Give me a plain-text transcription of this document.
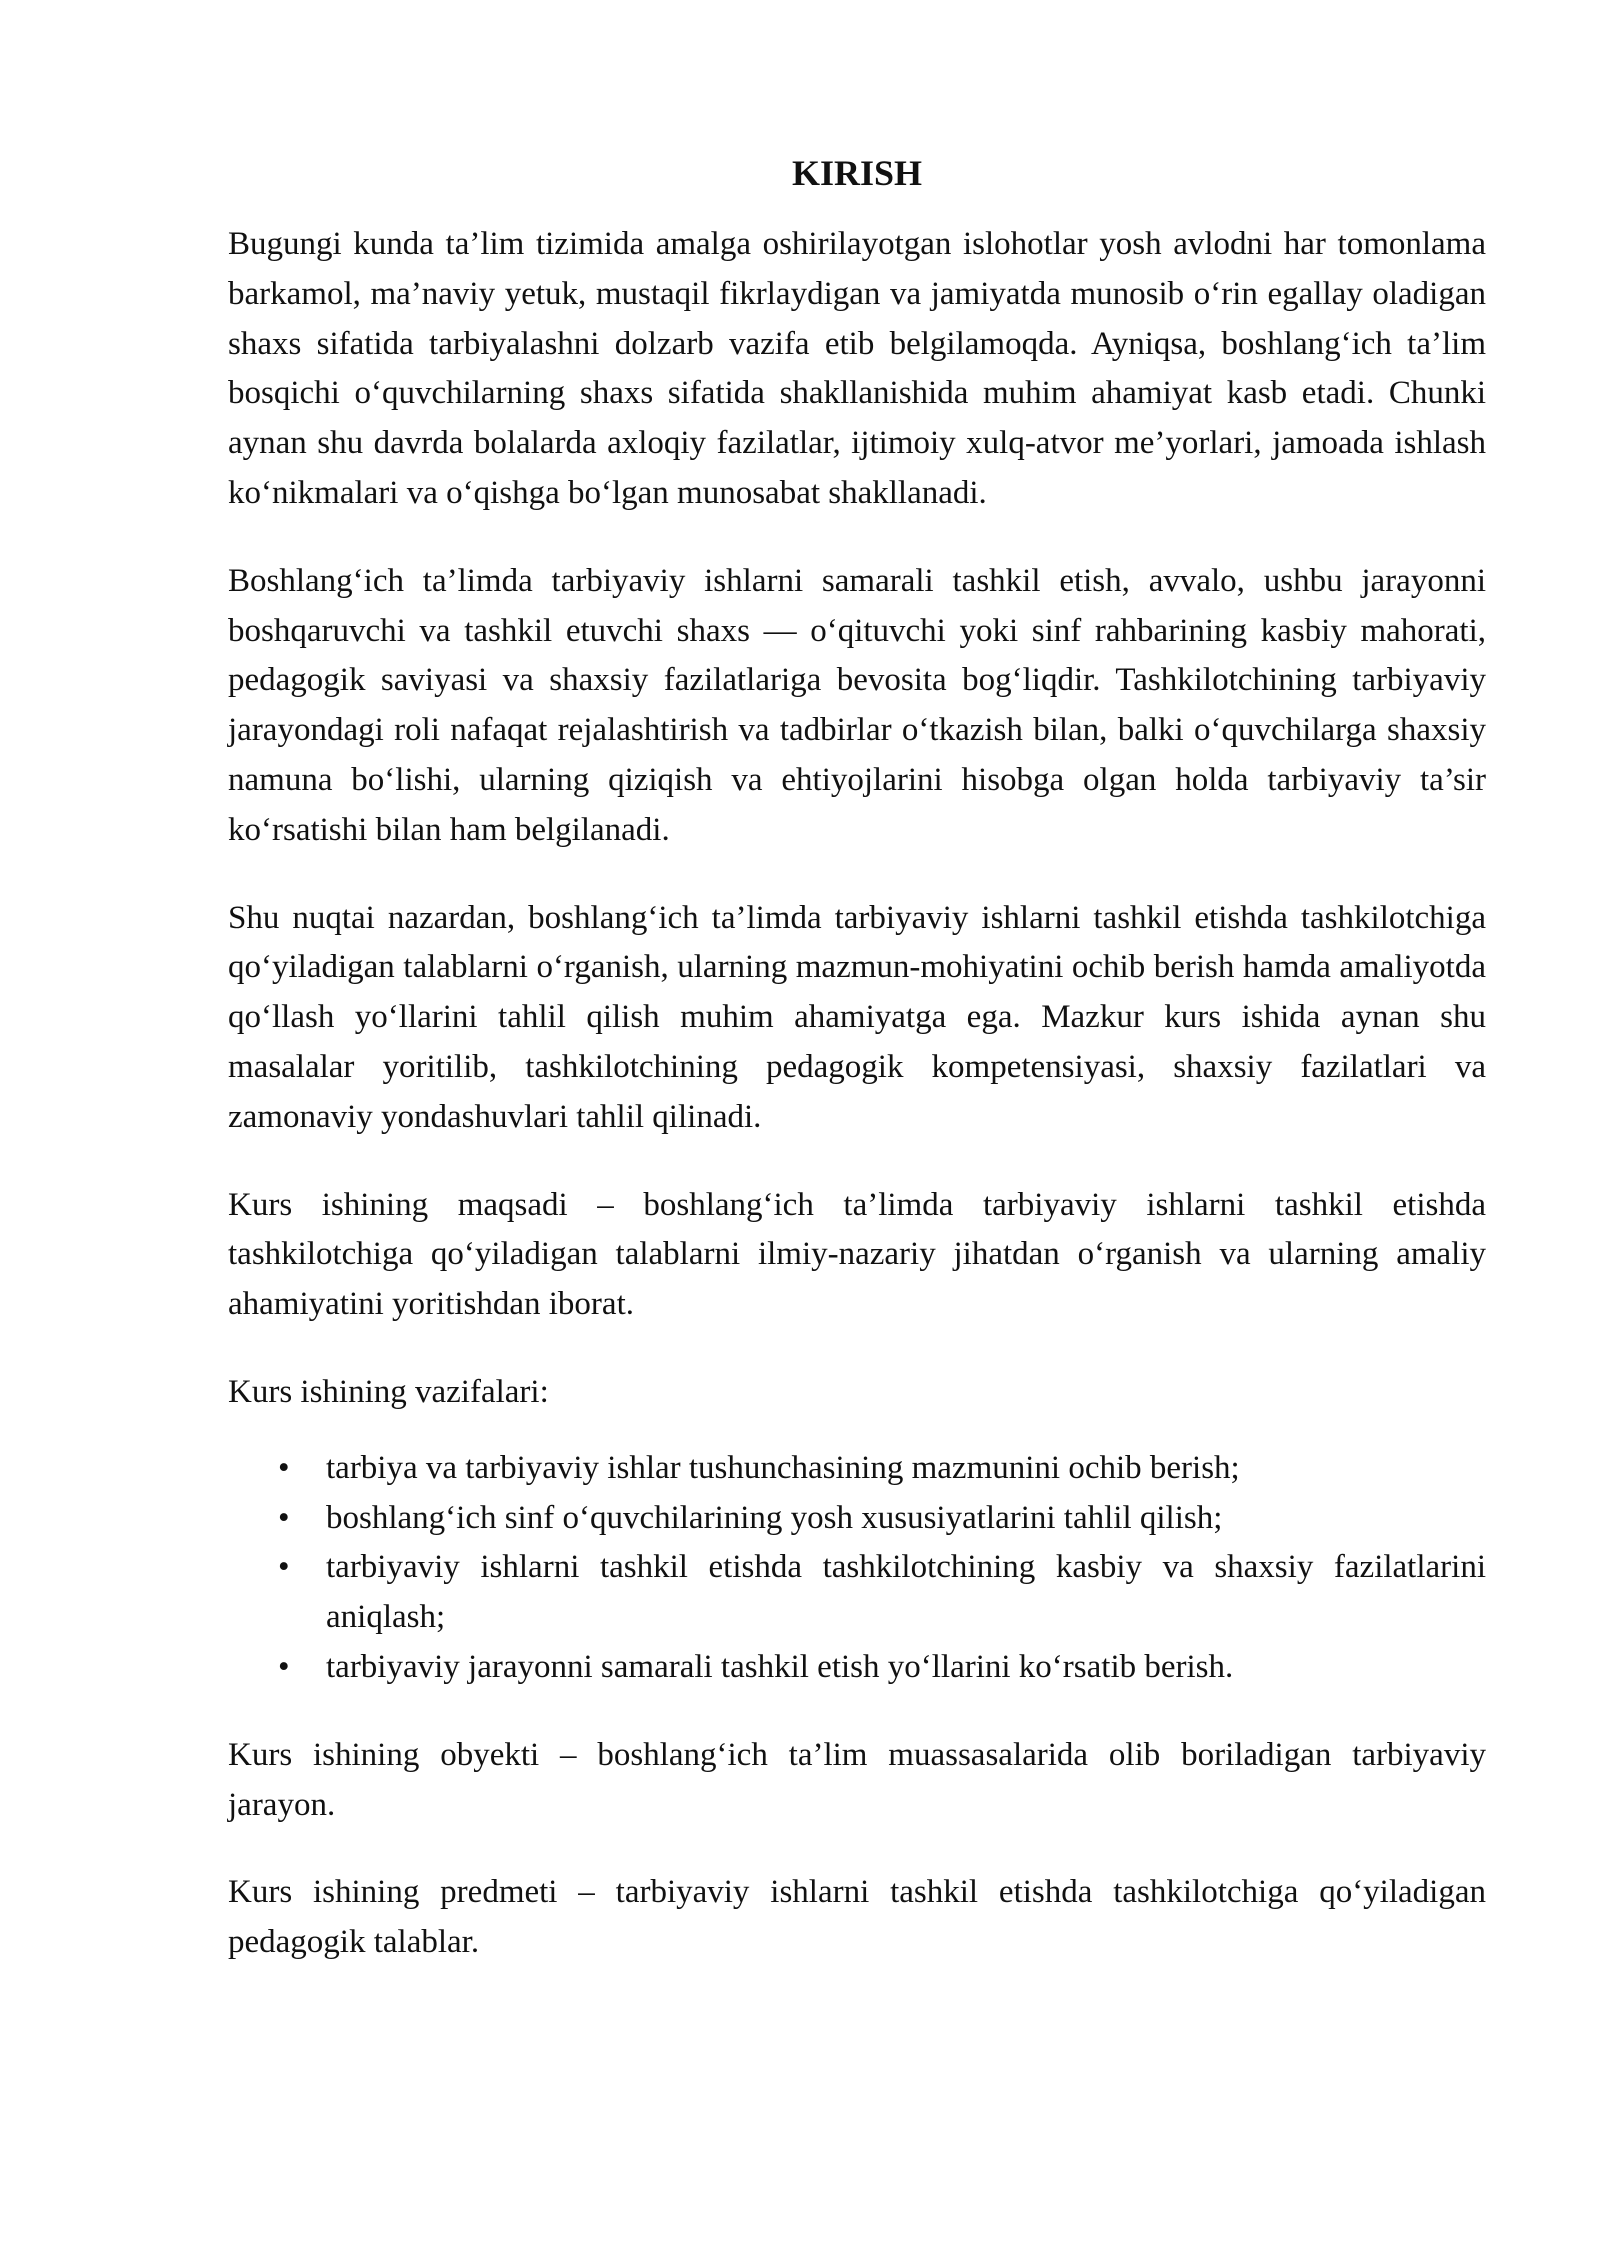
KIRISH

Bugungi kunda ta’lim tizimida amalga oshirilayotgan islohotlar yosh avlodni har tomonlama barkamol, ma’naviy yetuk, mustaqil fikrlaydigan va jamiyatda munosib o‘rin egallay oladigan shaxs sifatida tarbiyalashni dolzarb vazifa etib belgilamoqda. Ayniqsa, boshlang‘ich ta’lim bosqichi o‘quvchilarning shaxs sifatida shakllanishida muhim ahamiyat kasb etadi. Chunki aynan shu davrda bolalarda axloqiy fazilatlar, ijtimoiy xulq-atvor me’yorlari, jamoada ishlash ko‘nikmalari va o‘qishga bo‘lgan munosabat shakllanadi.

Boshlang‘ich ta’limda tarbiyaviy ishlarni samarali tashkil etish, avvalo, ushbu jarayonni boshqaruvchi va tashkil etuvchi shaxs — o‘qituvchi yoki sinf rahbarining kasbiy mahorati, pedagogik saviyasi va shaxsiy fazilatlariga bevosita bog‘liqdir. Tashkilotchining tarbiyaviy jarayondagi roli nafaqat rejalashtirish va tadbirlar o‘tkazish bilan, balki o‘quvchilarga shaxsiy namuna bo‘lishi, ularning qiziqish va ehtiyojlarini hisobga olgan holda tarbiyaviy ta’sir ko‘rsatishi bilan ham belgilanadi.

Shu nuqtai nazardan, boshlang‘ich ta’limda tarbiyaviy ishlarni tashkil etishda tashkilotchiga qo‘yiladigan talablarni o‘rganish, ularning mazmun-mohiyatini ochib berish hamda amaliyotda qo‘llash yo‘llarini tahlil qilish muhim ahamiyatga ega. Mazkur kurs ishida aynan shu masalalar yoritilib, tashkilotchining pedagogik kompetensiyasi, shaxsiy fazilatlari va zamonaviy yondashuvlari tahlil qilinadi.

Kurs ishining maqsadi – boshlang‘ich ta’limda tarbiyaviy ishlarni tashkil etishda tashkilotchiga qo‘yiladigan talablarni ilmiy-nazariy jihatdan o‘rganish va ularning amaliy ahamiyatini yoritishdan iborat.

Kurs ishining vazifalari:

• tarbiya va tarbiyaviy ishlar tushunchasining mazmunini ochib berish;
• boshlang‘ich sinf o‘quvchilarining yosh xususiyatlarini tahlil qilish;
• tarbiyaviy ishlarni tashkil etishda tashkilotchining kasbiy va shaxsiy fazilatlarini aniqlash;
• tarbiyaviy jarayonni samarali tashkil etish yo‘llarini ko‘rsatib berish.

Kurs ishining obyekti – boshlang‘ich ta’lim muassasalarida olib boriladigan tarbiyaviy jarayon.

Kurs ishining predmeti – tarbiyaviy ishlarni tashkil etishda tashkilotchiga qo‘yiladigan pedagogik talablar.
